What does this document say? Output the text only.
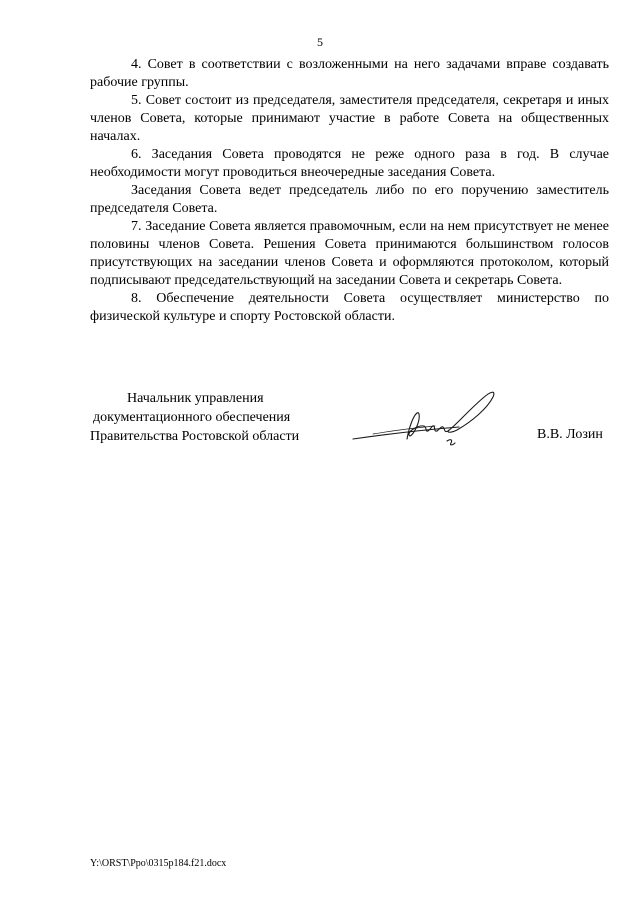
5

4. Совет в соответствии с возложенными на него задачами вправе создавать рабочие группы.

5. Совет состоит из председателя, заместителя председателя, секретаря и иных членов Совета, которые принимают участие в работе Совета на общественных началах.

6. Заседания Совета проводятся не реже одного раза в год. В случае необходимости могут проводиться внеочередные заседания Совета.

Заседания Совета ведет председатель либо по его поручению заместитель председателя Совета.

7. Заседание Совета является правомочным, если на нем присутствует не менее половины членов Совета. Решения Совета принимаются большинством голосов присутствующих на заседании членов Совета и оформляются протоколом, который подписывают председательствующий на заседании Совета и секретарь Совета.

8. Обеспечение деятельности Совета осуществляет министерство по физической культуре и спорту Ростовской области.

Начальник управления
документационного обеспечения
Правительства Ростовской области	В.В. Лозин
Y:\ORST\Ppo\0315p184.f21.docx
